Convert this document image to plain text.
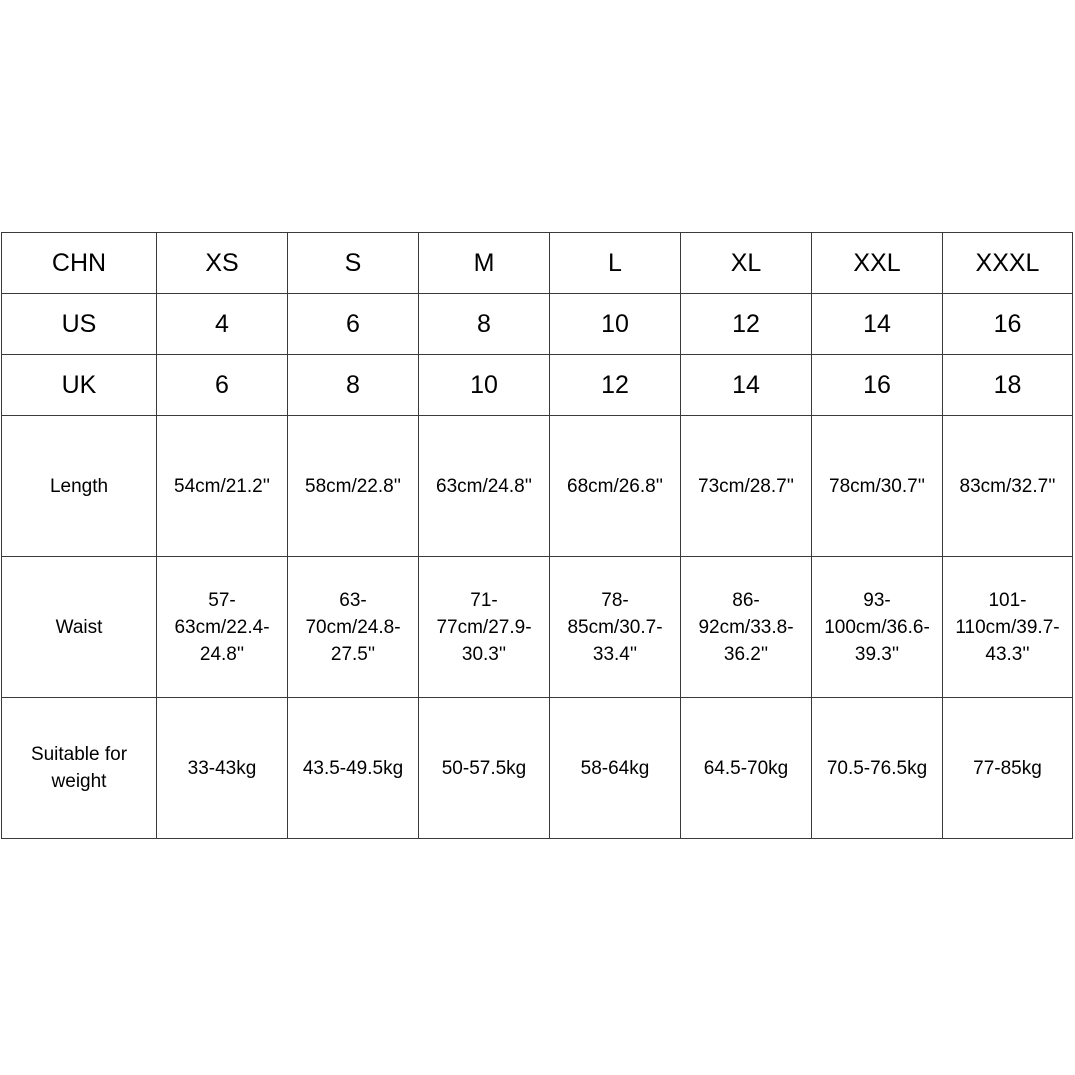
CHN	XS	S	M	L	XL	XXL	XXXL
US	4	6	8	10	12	14	16
UK	6	8	10	12	14	16	18
Length	54cm/21.2''	58cm/22.8''	63cm/24.8''	68cm/26.8''	73cm/28.7''	78cm/30.7''	83cm/32.7''
Waist	57-
63cm/22.4-
24.8''	63-
70cm/24.8-
27.5''	71-
77cm/27.9-
30.3''	78-
85cm/30.7-
33.4''	86-
92cm/33.8-
36.2''	93-
100cm/36.6-
39.3''	101-
110cm/39.7-
43.3''
Suitable for
weight	33-43kg	43.5-49.5kg	50-57.5kg	58-64kg	64.5-70kg	70.5-76.5kg	77-85kg
